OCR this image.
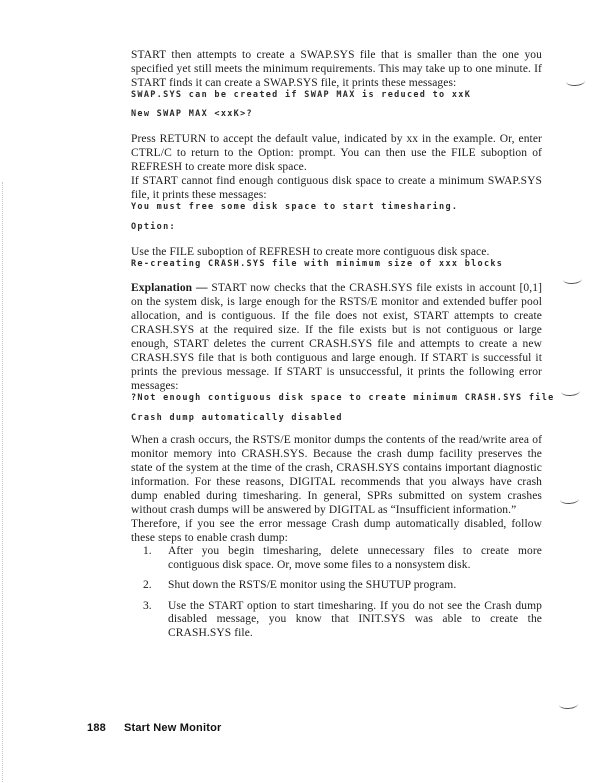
START then attempts to create a SWAP.SYS file that is smaller than the one you specified yet still meets the minimum requirements. This may take up to one minute. If START finds it can create a SWAP.SYS file, it prints these messages:

SWAP.SYS can be created if SWAP MAX is reduced to xxK
New SWAP MAX <xxK>?

Press RETURN to accept the default value, indicated by xx in the example. Or, enter CTRL/C to return to the Option: prompt. You can then use the FILE suboption of REFRESH to create more disk space.

If START cannot find enough contiguous disk space to create a minimum SWAP.SYS file, it prints these messages:

You must free some disk space to start timesharing.
Option:

Use the FILE suboption of REFRESH to create more contiguous disk space.

Re-creating CRASH.SYS file with minimum size of xxx blocks

Explanation — START now checks that the CRASH.SYS file exists in account [0,1] on the system disk, is large enough for the RSTS/E monitor and extended buffer pool allocation, and is contiguous. If the file does not exist, START attempts to create CRASH.SYS at the required size. If the file exists but is not contiguous or large enough, START deletes the current CRASH.SYS file and attempts to create a new CRASH.SYS file that is both contiguous and large enough. If START is successful it prints the previous message. If START is unsuccessful, it prints the following error messages:

?Not enough contiguous disk space to create minimum CRASH.SYS file
Crash dump automatically disabled

When a crash occurs, the RSTS/E monitor dumps the contents of the read/write area of monitor memory into CRASH.SYS. Because the crash dump facility preserves the state of the system at the time of the crash, CRASH.SYS contains important diagnostic information. For these reasons, DIGITAL recommends that you always have crash dump enabled during timesharing. In general, SPRs submitted on system crashes without crash dumps will be answered by DIGITAL as “Insufficient information.”

Therefore, if you see the error message Crash dump automatically disabled, follow these steps to enable crash dump:

1.	After you begin timesharing, delete unnecessary files to create more contiguous disk space. Or, move some files to a nonsystem disk.
2.	Shut down the RSTS/E monitor using the SHUTUP program.
3.	Use the START option to start timesharing. If you do not see the Crash dump disabled message, you know that INIT.SYS was able to create the CRASH.SYS file.
188 Start New Monitor
